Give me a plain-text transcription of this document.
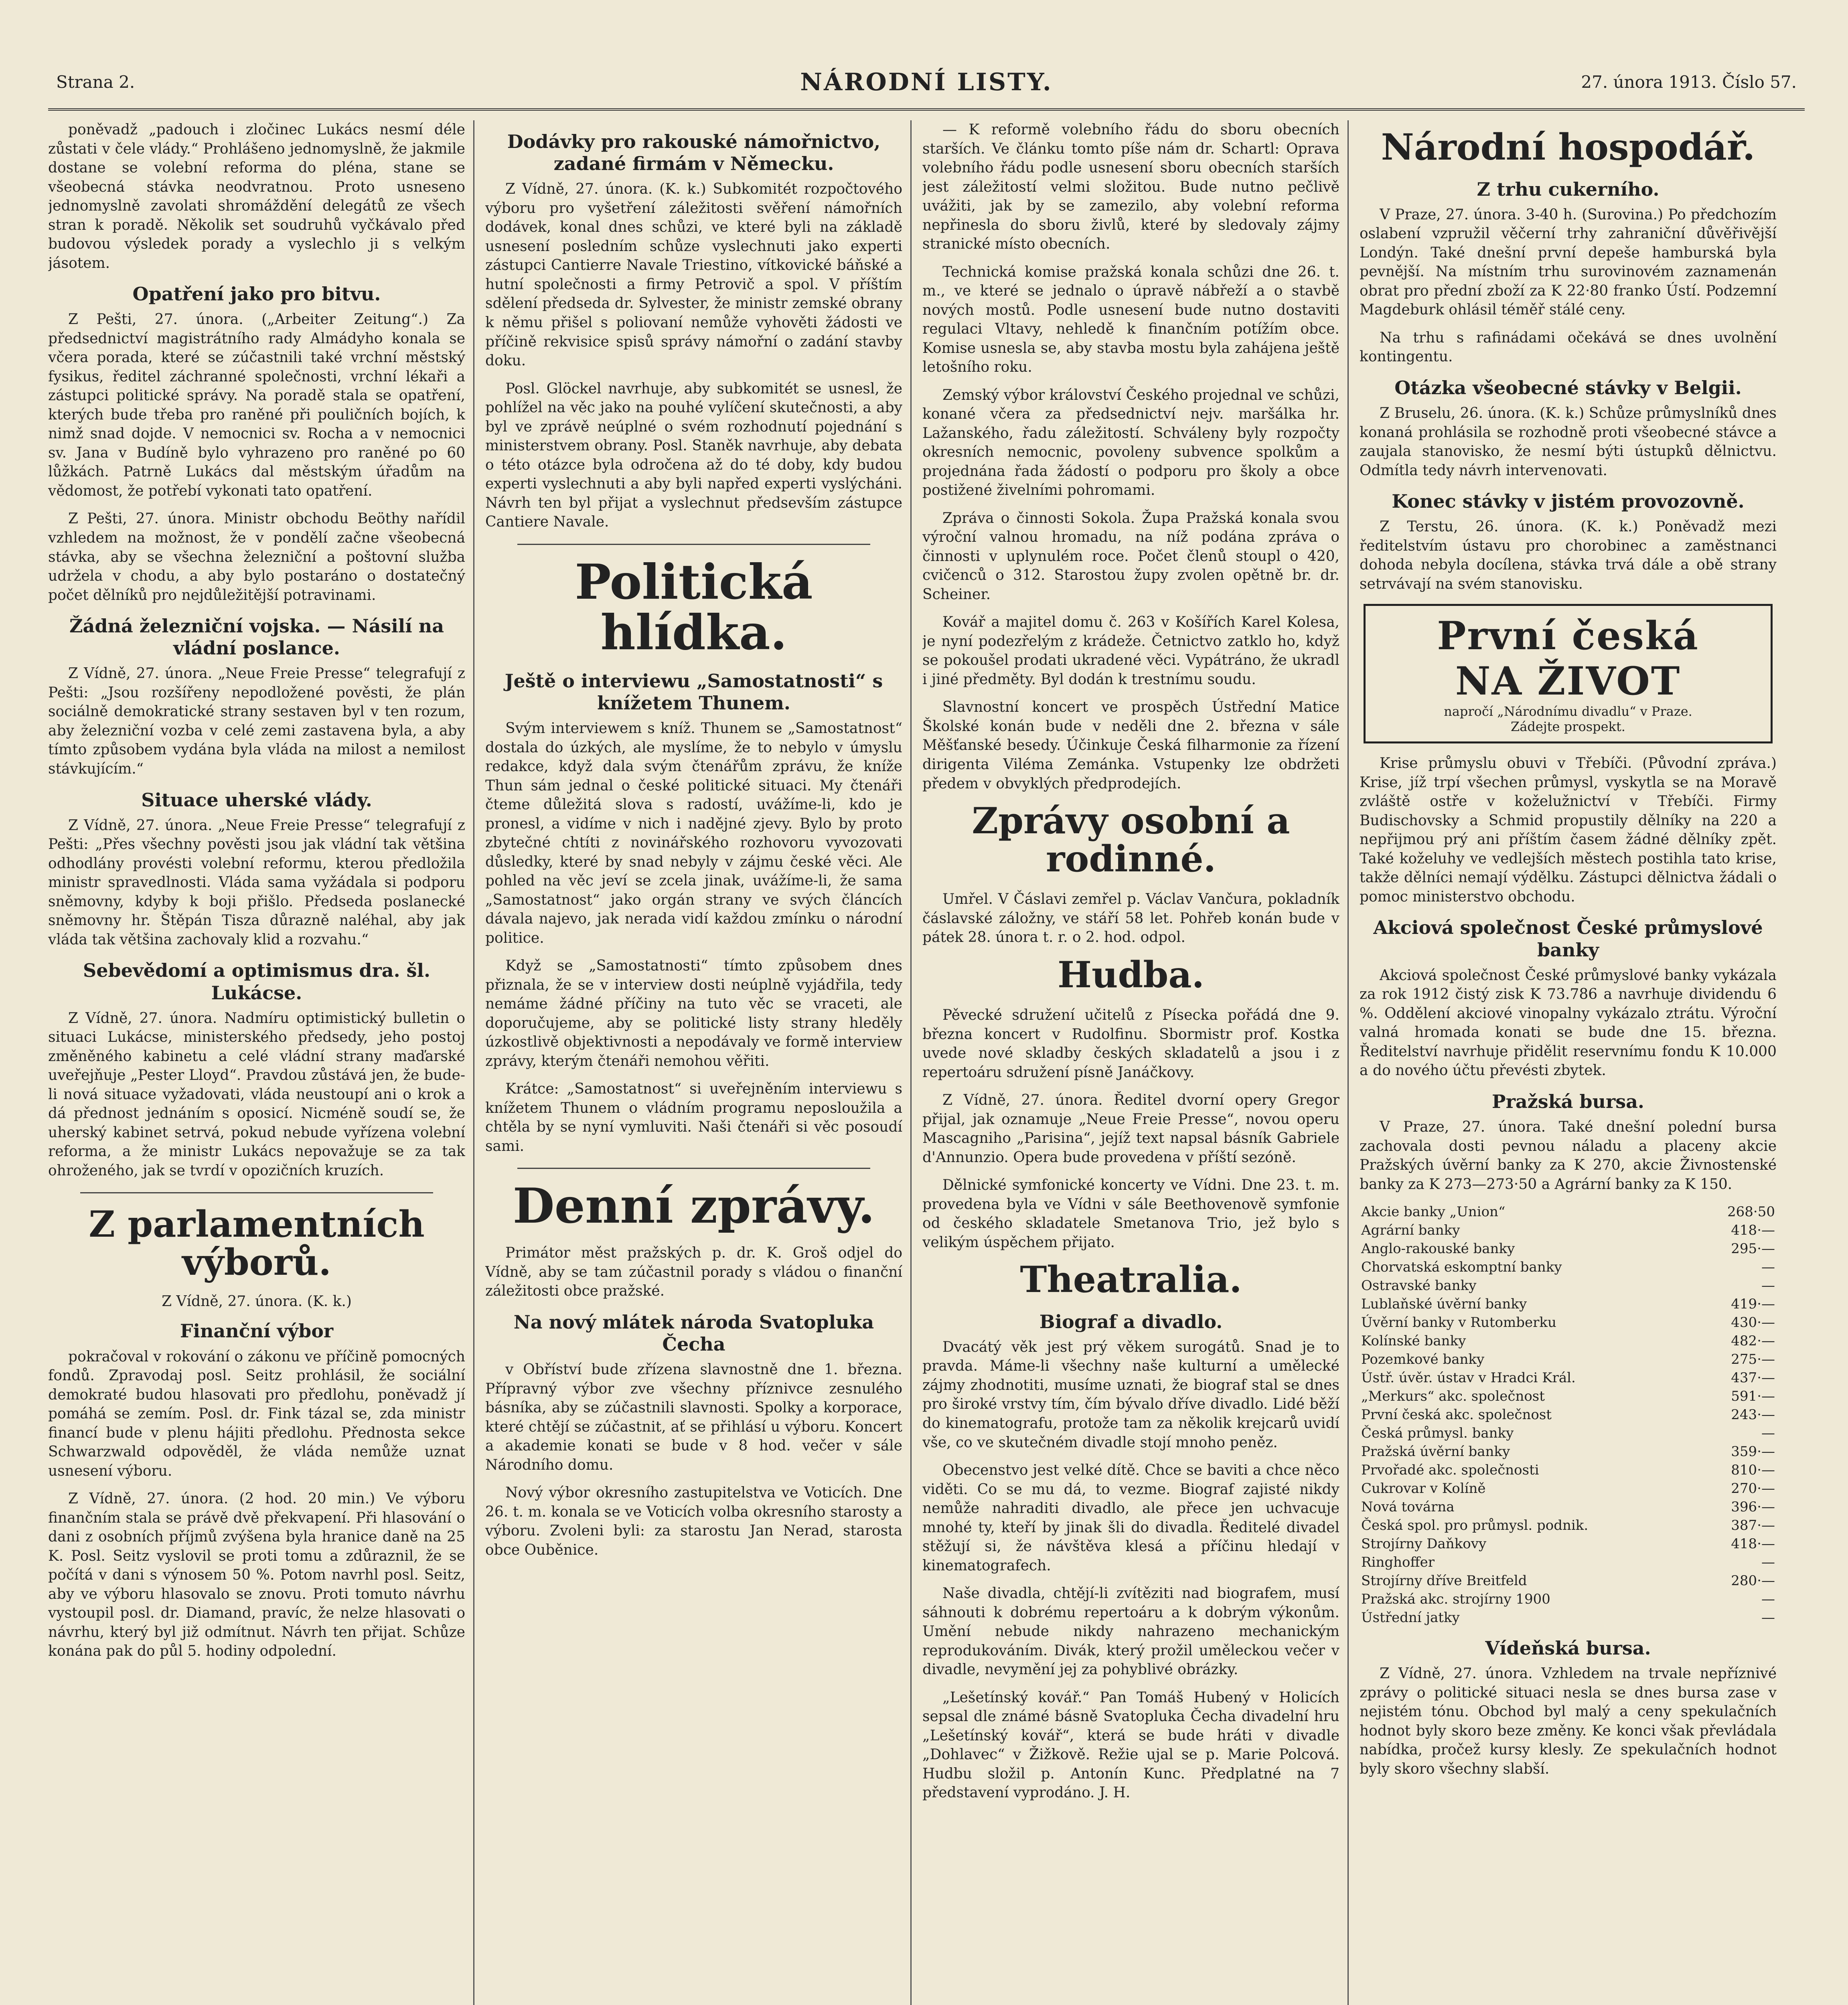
Strana 2.	NÁRODNÍ LISTY.	27. února 1913. Číslo 57.

poněvadž „padouch i zločinec Lukács nesmí déle zůstati v čele vlády.“ Prohlášeno jednomyslně, že jakmile dostane se volební reforma do pléna, stane se všeobecná stávka neodvratnou. Proto usneseno jednomyslně zavolati shromáždění delegátů ze všech stran k poradě. Několik set soudruhů vyčkávalo před budovou výsledek porady a vyslechlo ji s velkým jásotem.

Opatření jako pro bitvu.

Z Pešti, 27. února. („Arbeiter Zeitung“.) Za předsednictví magistrátního rady Almádyho konala se včera porada, které se zúčastnili také vrchní městský fysikus, ředitel záchranné společnosti, vrchní lékaři a zástupci politické správy. Na poradě stala se opatření, kterých bude třeba pro raněné při pouličních bojích, k nimž snad dojde. V nemocnici sv. Rocha a v nemocnici sv. Jana v Budíně bylo vyhrazeno pro raněné po 60 lůžkách. Patrně Lukács dal městským úřadům na vědomost, že potřebí vykonati tato opatření.

Z Pešti, 27. února. Ministr obchodu Beöthy nařídil vzhledem na možnost, že v pondělí začne všeobecná stávka, aby se všechna železniční a poštovní služba udržela v chodu, a aby bylo postaráno o dostatečný počet dělníků pro nejdůležitější potravinami.

Žádná železniční vojska. — Násilí na vládní poslance.

Z Vídně, 27. února. „Neue Freie Presse“ telegrafují z Pešti: „Jsou rozšířeny nepodložené pověsti, že plán sociálně demokratické strany sestaven byl v ten rozum, aby železniční vozba v celé zemi zastavena byla, a aby tímto způsobem vydána byla vláda na milost a nemilost stávkujícím.“

Situace uherské vlády.

Z Vídně, 27. února. „Neue Freie Presse“ telegrafují z Pešti: „Přes všechny pověsti jsou jak vládní tak většina odhodlány provésti volební reformu, kterou předložila ministr spravedlnosti. Vláda sama vyžádala si podporu sněmovny, kdyby k boji přišlo. Předseda poslanecké sněmovny hr. Štěpán Tisza důrazně naléhal, aby jak vláda tak většina zachovaly klid a rozvahu.“

Sebevědomí a optimismus dra. šl. Lukácse.

Z Vídně, 27. února. Nadmíru optimistický bulletin o situaci Lukácse, ministerského předsedy, jeho postoj změněného kabinetu a celé vládní strany maďarské uveřejňuje „Pester Lloyd“. Pravdou zůstává jen, že bude-li nová situace vyžadovati, vláda neustoupí ani o krok a dá přednost jednáním s oposicí. Nicméně soudí se, že uherský kabinet setrvá, pokud nebude vyřízena volební reforma, a že ministr Lukács nepovažuje se za tak ohroženého, jak se tvrdí v opozičních kruzích.

Z parlamentních výborů.
Z Vídně, 27. února. (K. k.)
Finanční výbor

pokračoval v rokování o zákonu ve příčině pomocných fondů. Zpravodaj posl. Seitz prohlásil, že sociální demokraté budou hlasovati pro předlohu, poněvadž jí pomáhá se zemím. Posl. dr. Fink tázal se, zda ministr financí bude v plenu hájiti předlohu. Přednosta sekce Schwarzwald odpověděl, že vláda nemůže uznat usnesení výboru.

Z Vídně, 27. února. (2 hod. 20 min.) Ve výboru finančním stala se právě dvě překvapení. Při hlasování o dani z osobních příjmů zvýšena byla hranice daně na 25 K. Posl. Seitz vyslovil se proti tomu a zdůraznil, že se počítá v dani s výnosem 50 %. Potom navrhl posl. Seitz, aby ve výboru hlasovalo se znovu. Proti tomuto návrhu vystoupil posl. dr. Diamand, pravíc, že nelze hlasovati o návrhu, který byl již odmítnut. Návrh ten přijat. Schůze konána pak do půl 5. hodiny odpolední.

Dodávky pro rakouské námořnictvo, zadané firmám v Německu.

Z Vídně, 27. února. (K. k.) Subkomitét rozpočtového výboru pro vyšetření záležitosti svěření námořních dodávek, konal dnes schůzi, ve které byli na základě usnesení posledním schůze vyslechnuti jako experti zástupci Cantierre Navale Triestino, vítkovické báňské a hutní společnosti a firmy Petrovič a spol. V příštím sdělení předseda dr. Sylvester, že ministr zemské obrany k němu přišel s poliovaní nemůže vyhověti žádosti ve příčině rekvisice spisů správy námořní o zadání stavby doku.

Posl. Glöckel navrhuje, aby subkomitét se usnesl, že pohlížel na věc jako na pouhé vylíčení skutečnosti, a aby byl ve zprávě neúplné o svém rozhodnutí pojednání s ministerstvem obrany. Posl. Staněk navrhuje, aby debata o této otázce byla odročena až do té doby, kdy budou experti vyslechnuti a aby byli napřed experti vyslýcháni. Návrh ten byl přijat a vyslechnut předsevším zástupce Cantiere Navale.

Politická hlídka.
Ještě o interviewu „Samostatnosti“ s knížetem Thunem.

Svým interviewem s kníž. Thunem se „Samostatnost“ dostala do úzkých, ale myslíme, že to nebylo v úmyslu redakce, když dala svým čtenářům zprávu, že kníže Thun sám jednal o české politické situaci. My čtenáři čteme důležitá slova s radostí, uvážíme-li, kdo je pronesl, a vidíme v nich i nadějné zjevy. Bylo by proto zbytečné chtíti z novinářského rozhovoru vyvozovati důsledky, které by snad nebyly v zájmu české věci. Ale pohled na věc jeví se zcela jinak, uvážíme-li, že sama „Samostatnost“ jako orgán strany ve svých článcích dávala najevo, jak nerada vidí každou zmínku o národní politice.

Když se „Samostatnosti“ tímto způsobem dnes přiznala, že se v interview dosti neúplně vyjádřila, tedy nemáme žádné příčiny na tuto věc se vraceti, ale doporučujeme, aby se politické listy strany hleděly úzkostlivě objektivnosti a nepodávaly ve formě interview zprávy, kterým čtenáři nemohou věřiti.

Krátce: „Samostatnost“ si uveřejněním interviewu s knížetem Thunem o vládním programu neposloužila a chtěla by se nyní vymluviti. Naši čtenáři si věc posoudí sami.

Denní zprávy.

Primátor měst pražských p. dr. K. Groš odjel do Vídně, aby se tam zúčastnil porady s vládou o finanční záležitosti obce pražské.

Na nový mlátek národa Svatopluka Čecha

v Obříství bude zřízena slavnostně dne 1. března. Přípravný výbor zve všechny příznivce zesnulého básníka, aby se zúčastnili slavnosti. Spolky a korporace, které chtějí se zúčastnit, ať se přihlásí u výboru. Koncert a akademie konati se bude v 8 hod. večer v sále Národního domu.

Nový výbor okresního zastupitelstva ve Voticích. Dne 26. t. m. konala se ve Voticích volba okresního starosty a výboru. Zvoleni byli: za starostu Jan Nerad, starosta obce Ouběnice.

— K reformě volebního řádu do sboru obecních starších. Ve článku tomto píše nám dr. Schartl: Oprava volebního řádu podle usnesení sboru obecních starších jest záležitostí velmi složitou. Bude nutno pečlivě uvážiti, jak by se zamezilo, aby volební reforma nepřinesla do sboru živlů, které by sledovaly zájmy stranické místo obecních.

Technická komise pražská konala schůzi dne 26. t. m., ve které se jednalo o úpravě nábřeží a o stavbě nových mostů. Podle usnesení bude nutno dostaviti regulaci Vltavy, nehledě k finančním potížím obce. Komise usnesla se, aby stavba mostu byla zahájena ještě letošního roku.

Zemský výbor království Českého projednal ve schůzi, konané včera za předsednictví nejv. maršálka hr. Lažanského, řadu záležitostí. Schváleny byly rozpočty okresních nemocnic, povoleny subvence spolkům a projednána řada žádostí o podporu pro školy a obce postižené živelními pohromami.

Zpráva o činnosti Sokola. Župa Pražská konala svou výroční valnou hromadu, na níž podána zpráva o činnosti v uplynulém roce. Počet členů stoupl o 420, cvičenců o 312. Starostou župy zvolen opětně br. dr. Scheiner.

Kovář a majitel domu č. 263 v Košířích Karel Kolesa, je nyní podezřelým z krádeže. Četnictvo zatklo ho, když se pokoušel prodati ukradené věci. Vypátráno, že ukradl i jiné předměty. Byl dodán k trestnímu soudu.

Slavnostní koncert ve prospěch Ústřední Matice Školské konán bude v neděli dne 2. března v sále Měšťanské besedy. Účinkuje Česká filharmonie za řízení dirigenta Viléma Zemánka. Vstupenky lze obdržeti předem v obvyklých předprodejích.

Zprávy osobní a rodinné.

Umřel. V Čáslavi zemřel p. Václav Vančura, pokladník čáslavské záložny, ve stáří 58 let. Pohřeb konán bude v pátek 28. února t. r. o 2. hod. odpol.

Hudba.

Pěvecké sdružení učitelů z Písecka pořádá dne 9. března koncert v Rudolfinu. Sbormistr prof. Kostka uvede nové skladby českých skladatelů a jsou i z repertoáru sdružení písně Janáčkovy.

Z Vídně, 27. února. Ředitel dvorní opery Gregor přijal, jak oznamuje „Neue Freie Presse“, novou operu Mascagniho „Parisina“, jejíž text napsal básník Gabriele d'Annunzio. Opera bude provedena v příští sezóně.

Dělnické symfonické koncerty ve Vídni. Dne 23. t. m. provedena byla ve Vídni v sále Beethovenově symfonie od českého skladatele Smetanova Trio, jež bylo s velikým úspěchem přijato.

Theatralia.
Biograf a divadlo.

Dvacátý věk jest prý věkem surogátů. Snad je to pravda. Máme-li všechny naše kulturní a umělecké zájmy zhodnotiti, musíme uznati, že biograf stal se dnes pro široké vrstvy tím, čím bývalo dříve divadlo. Lidé běží do kinematografu, protože tam za několik krejcarů uvidí vše, co ve skutečném divadle stojí mnoho peněz.

Obecenstvo jest velké dítě. Chce se baviti a chce něco viděti. Co se mu dá, to vezme. Biograf zajisté nikdy nemůže nahraditi divadlo, ale přece jen uchvacuje mnohé ty, kteří by jinak šli do divadla. Ředitelé divadel stěžují si, že návštěva klesá a příčinu hledají v kinematografech.

Naše divadla, chtějí-li zvítěziti nad biografem, musí sáhnouti k dobrému repertoáru a k dobrým výkonům. Umění nebude nikdy nahrazeno mechanickým reprodukováním. Divák, který prožil uměleckou večer v divadle, nevymění jej za pohyblivé obrázky.

„Lešetínský kovář.“ Pan Tomáš Hubený v Holicích sepsal dle známé básně Svatopluka Čecha divadelní hru „Lešetínský kovář“, která se bude hráti v divadle „Dohlavec“ v Žižkově. Režie ujal se p. Marie Polcová. Hudbu složil p. Antonín Kunc. Předplatné na 7 představení vyprodáno. J. H.

Národní hospodář.
Z trhu cukerního.

V Praze, 27. února. 3-40 h. (Surovina.) Po předchozím oslabení vzpružil věčerní trhy zahraniční důvěřivější Londýn. Také dnešní první depeše hamburská byla pevnější. Na místním trhu surovinovém zaznamenán obrat pro přední zboží za K 22·80 franko Ústí. Podzemní Magdeburk ohlásil téměř stálé ceny.

Na trhu s rafinádami očekává se dnes uvolnění kontingentu.

Otázka všeobecné stávky v Belgii.

Z Bruselu, 26. února. (K. k.) Schůze průmyslníků dnes konaná prohlásila se rozhodně proti všeobecné stávce a zaujala stanovisko, že nesmí býti ústupků dělnictvu. Odmítla tedy návrh intervenovati.

Konec stávky v jistém provozovně.

Z Terstu, 26. února. (K. k.) Poněvadž mezi ředitelstvím ústavu pro chorobinec a zaměstnanci dohoda nebyla docílena, stávka trvá dále a obě strany setrvávají na svém stanovisku.

První česká
NA ŽIVOT
napročí „Národnímu divadlu“ v Praze.
Zádejte prospekt.

Krise průmyslu obuvi v Třebíči. (Původní zpráva.) Krise, jíž trpí všechen průmysl, vyskytla se na Moravě zvláště ostře v koželužnictví v Třebíči. Firmy Budischovsky a Schmid propustily dělníky na 220 a nepřijmou prý ani příštím časem žádné dělníky zpět. Také koželuhy ve vedlejších městech postihla tato krise, takže dělníci nemají výdělku. Zástupci dělnictva žádali o pomoc ministerstvo obchodu.

Akciová společnost České průmyslové banky

Akciová společnost České průmyslové banky vykázala za rok 1912 čistý zisk K 73.786 a navrhuje dividendu 6 %. Oddělení akciové vinopalny vykázalo ztrátu. Výroční valná hromada konati se bude dne 15. března. Ředitelství navrhuje přidělit reservnímu fondu K 10.000 a do nového účtu převésti zbytek.

Pražská bursa.

V Praze, 27. února. Také dnešní polední bursa zachovala dosti pevnou náladu a placeny akcie Pražských úvěrní banky za K 270, akcie Živnostenské banky za K 273—273·50 a Agrární banky za K 150.

Akcie banky „Union“	268·50
Agrární banky	418·—
Anglo-rakouské banky	295·—
Chorvatská eskomptní banky	—
Ostravské banky	—
Lublaňské úvěrní banky	419·—
Úvěrní banky v Rutomberku	430·—
Kolínské banky	482·—
Pozemkové banky	275·—
Ústř. úvěr. ústav v Hradci Král.	437·—
„Merkurs“ akc. společnost	591·—
První česká akc. společnost	243·—
Česká průmysl. banky	—
Pražská úvěrní banky	359·—
Prvořadé akc. společnosti	810·—
Cukrovar v Kolíně	270·—
Nová továrna	396·—
Česká spol. pro průmysl. podnik.	387·—
Strojírny Daňkovy	418·—
Ringhoffer	—
Strojírny dříve Breitfeld	280·—
Pražská akc. strojírny 1900	—
Ústřední jatky	—
Vídeňská bursa.

Z Vídně, 27. února. Vzhledem na trvale nepříznivé zprávy o politické situaci nesla se dnes bursa zase v nejistém tónu. Obchod byl malý a ceny spekulačních hodnot byly skoro beze změny. Ke konci však převládala nabídka, pročež kursy klesly. Ze spekulačních hodnot byly skoro všechny slabší.
